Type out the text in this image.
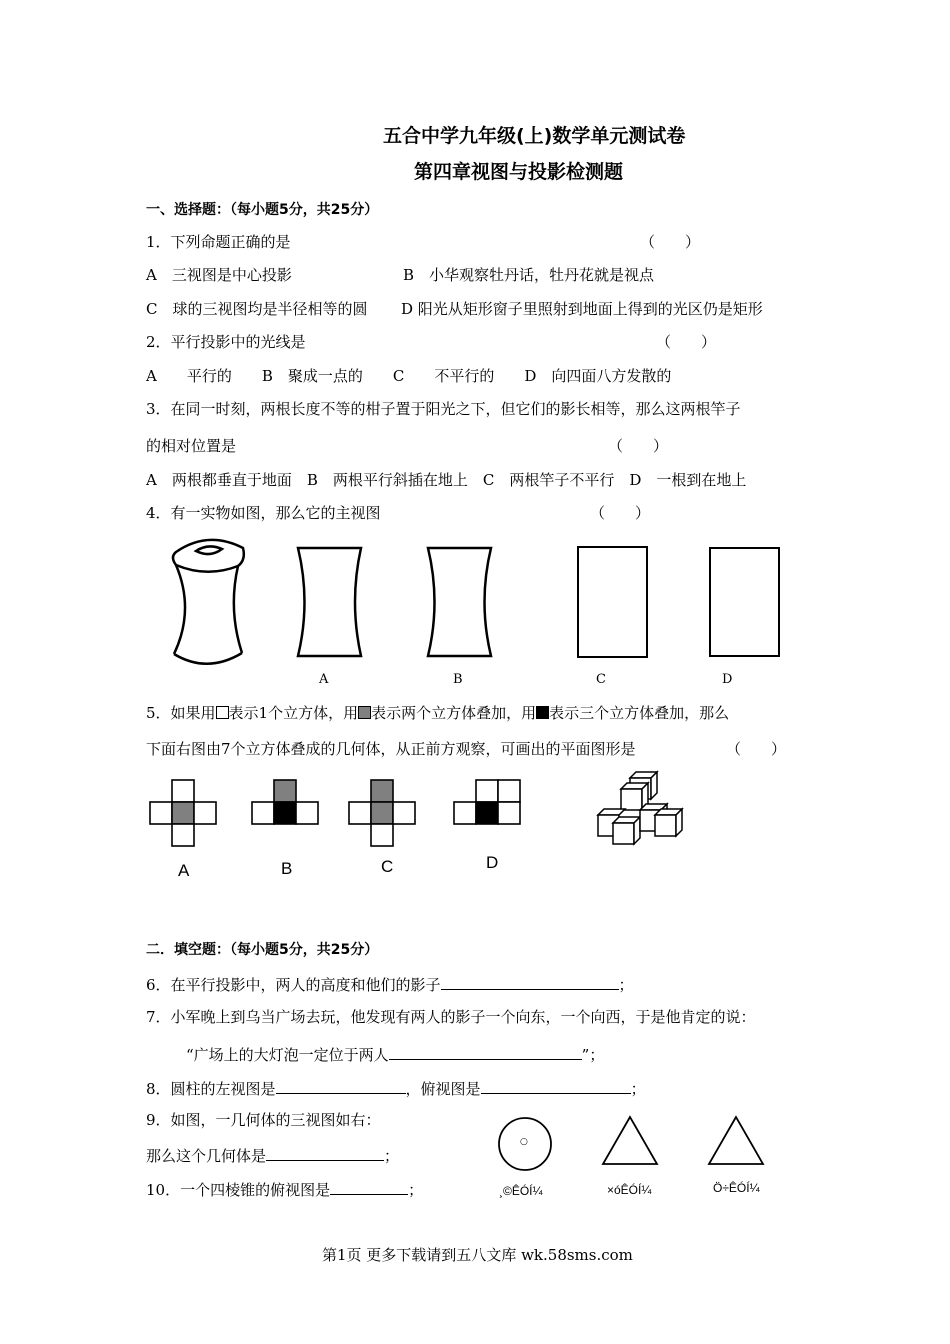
五合中学九年级(上)数学单元测试卷
第四章视图与投影检测题
一、选择题：（每小题5分，共25分）
1．下列命题正确的是	（　　）
A　三视图是中心投影	B　小华观察牡丹话，牡丹花就是视点
C　球的三视图均是半径相等的圆 D 阳光从矩形窗子里照射到地面上得到的光区仍是矩形
2．平行投影中的光线是	（　　）
A　　平行的　　B　聚成一点的　　C　　不平行的　　D　向四面八方发散的
3．在同一时刻，两根长度不等的柑子置于阳光之下，但它们的影长相等，那么这两根竿子
的相对位置是	（　　）
A　两根都垂直于地面　B　两根平行斜插在地上　C　两根竿子不平行　D　一根到在地上
4．有一实物如图，那么它的主视图	（　　）
A	B	C	D
5．如果用 表示1个立方体，用 表示两个立方体叠加，用 表示三个立方体叠加，那么
下面右图由7个立方体叠成的几何体，从正前方观察，可画出的平面图形是	（　　）
A	B	C	D
二．填空题：（每小题5分，共25分）
6．在平行投影中，两人的高度和他们的影子	；
7．小军晚上到乌当广场去玩，他发现有两人的影子一个向东，一个向西，于是他肯定的说：
“广场上的大灯泡一定位于两人	”；
8．圆柱的左视图是	，俯视图是	；
9．如图，一几何体的三视图如右：
那么这个几何体是	；
10．一个四棱锥的俯视图是	；
○
¸©ÊÓÍ¼	×óÊÓÍ¼	Ö÷ÊÓÍ¼
第1页 更多下载请到五八文库 wk.58sms.com
